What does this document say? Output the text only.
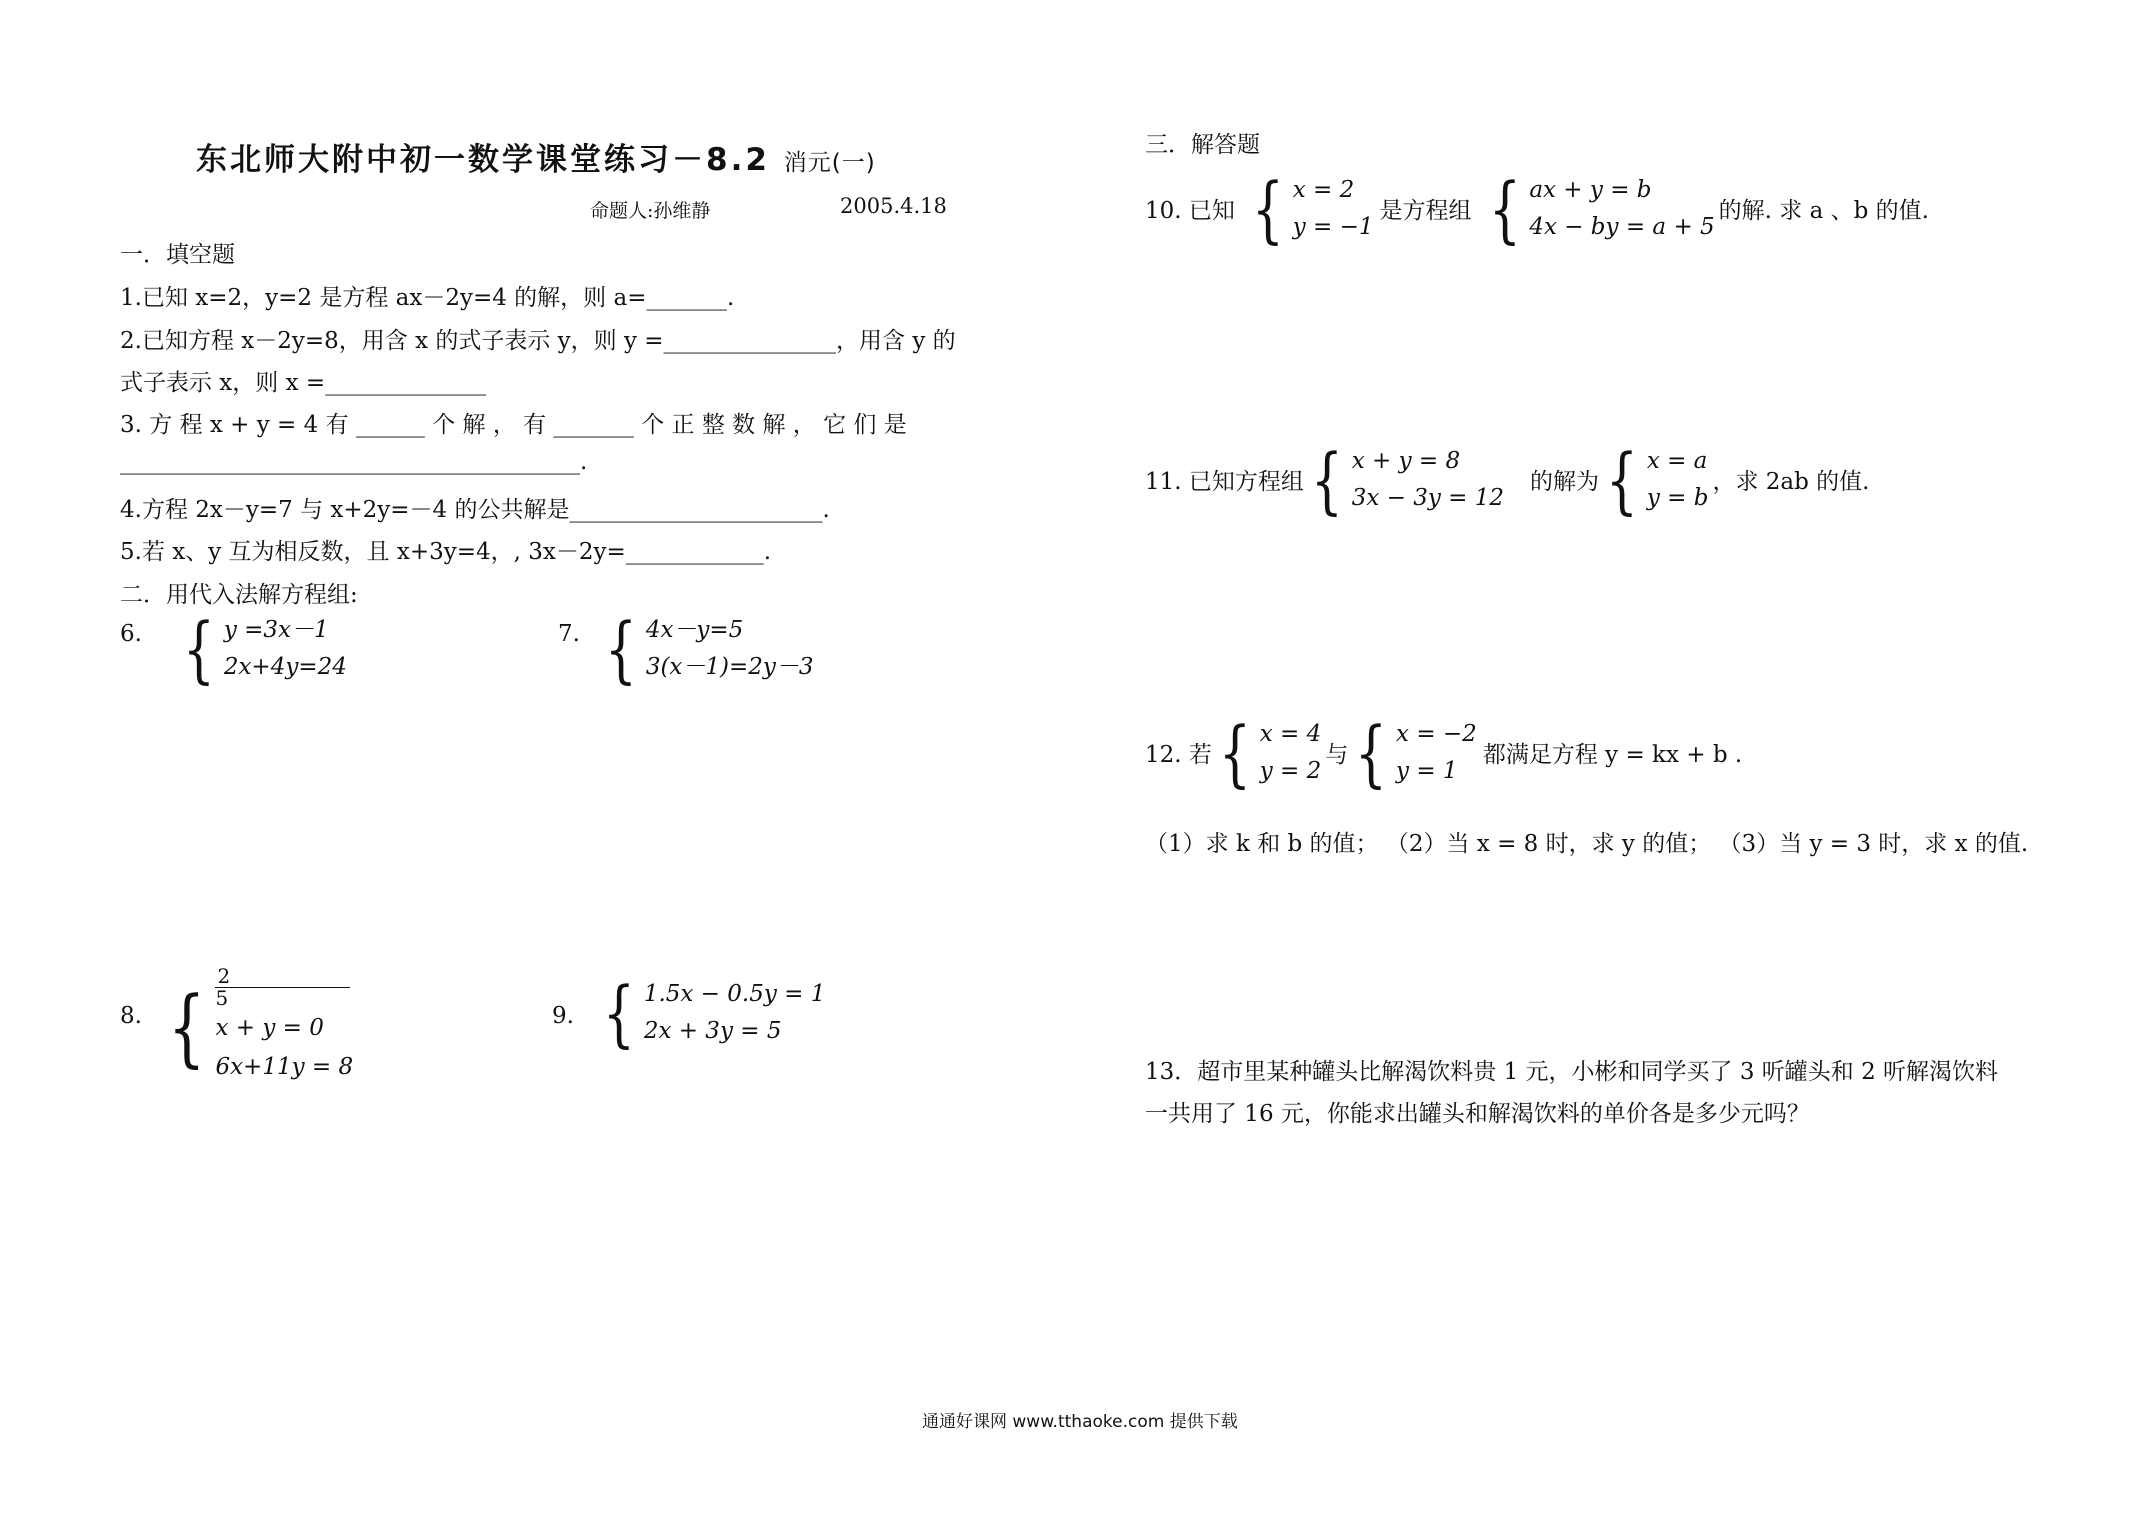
东北师大附中初一数学课堂练习－8.2 消元(一)
命题人:孙维静	2005.4.18
一．填空题
1.已知 x=2，y=2 是方程 ax－2y=4 的解，则 a=_______.
2.已知方程 x－2y=8，用含 x 的式子表示 y，则 y =_______________，用含 y 的
式子表示 x，则 x =______________
3. 方 程 x + y = 4 有 ______ 个 解 ， 有 _______ 个 正 整 数 解 ， 它 们 是
________________________________________.
4.方程 2x－y=7 与 x+2y=－4 的公共解是______________________.
5.若 x、y 互为相反数，且 x+3y=4，, 3x－2y=____________.
二．用代入法解方程组:
6. { y =3x－1
2x+4y=24
7. { 4x－y=5
3(x－1)=2y－3
8. {
2
5
x + y = 0
6x+11y = 8
9. { 1.5x − 0.5y = 1
2x + 3y = 5
三．解答题
10. 已知 { x = 2
y = −1
是方程组 { ax + y = b
4x − by = a + 5
的解. 求 a 、b 的值.
11. 已知方程组 { x + y = 8
3x − 3y = 12
的解为 { x = a
y = b
，求 2ab 的值.
12. 若 { x = 4
y = 2
与 { x = −2
y = 1
都满足方程 y = kx + b .
（1）求 k 和 b 的值； （2）当 x = 8 时，求 y 的值； （3）当 y = 3 时，求 x 的值.
13．超市里某种罐头比解渴饮料贵 1 元，小彬和同学买了 3 听罐头和 2 听解渴饮料
一共用了 16 元，你能求出罐头和解渴饮料的单价各是多少元吗？
通通好课网 www.tthaoke.com 提供下载
